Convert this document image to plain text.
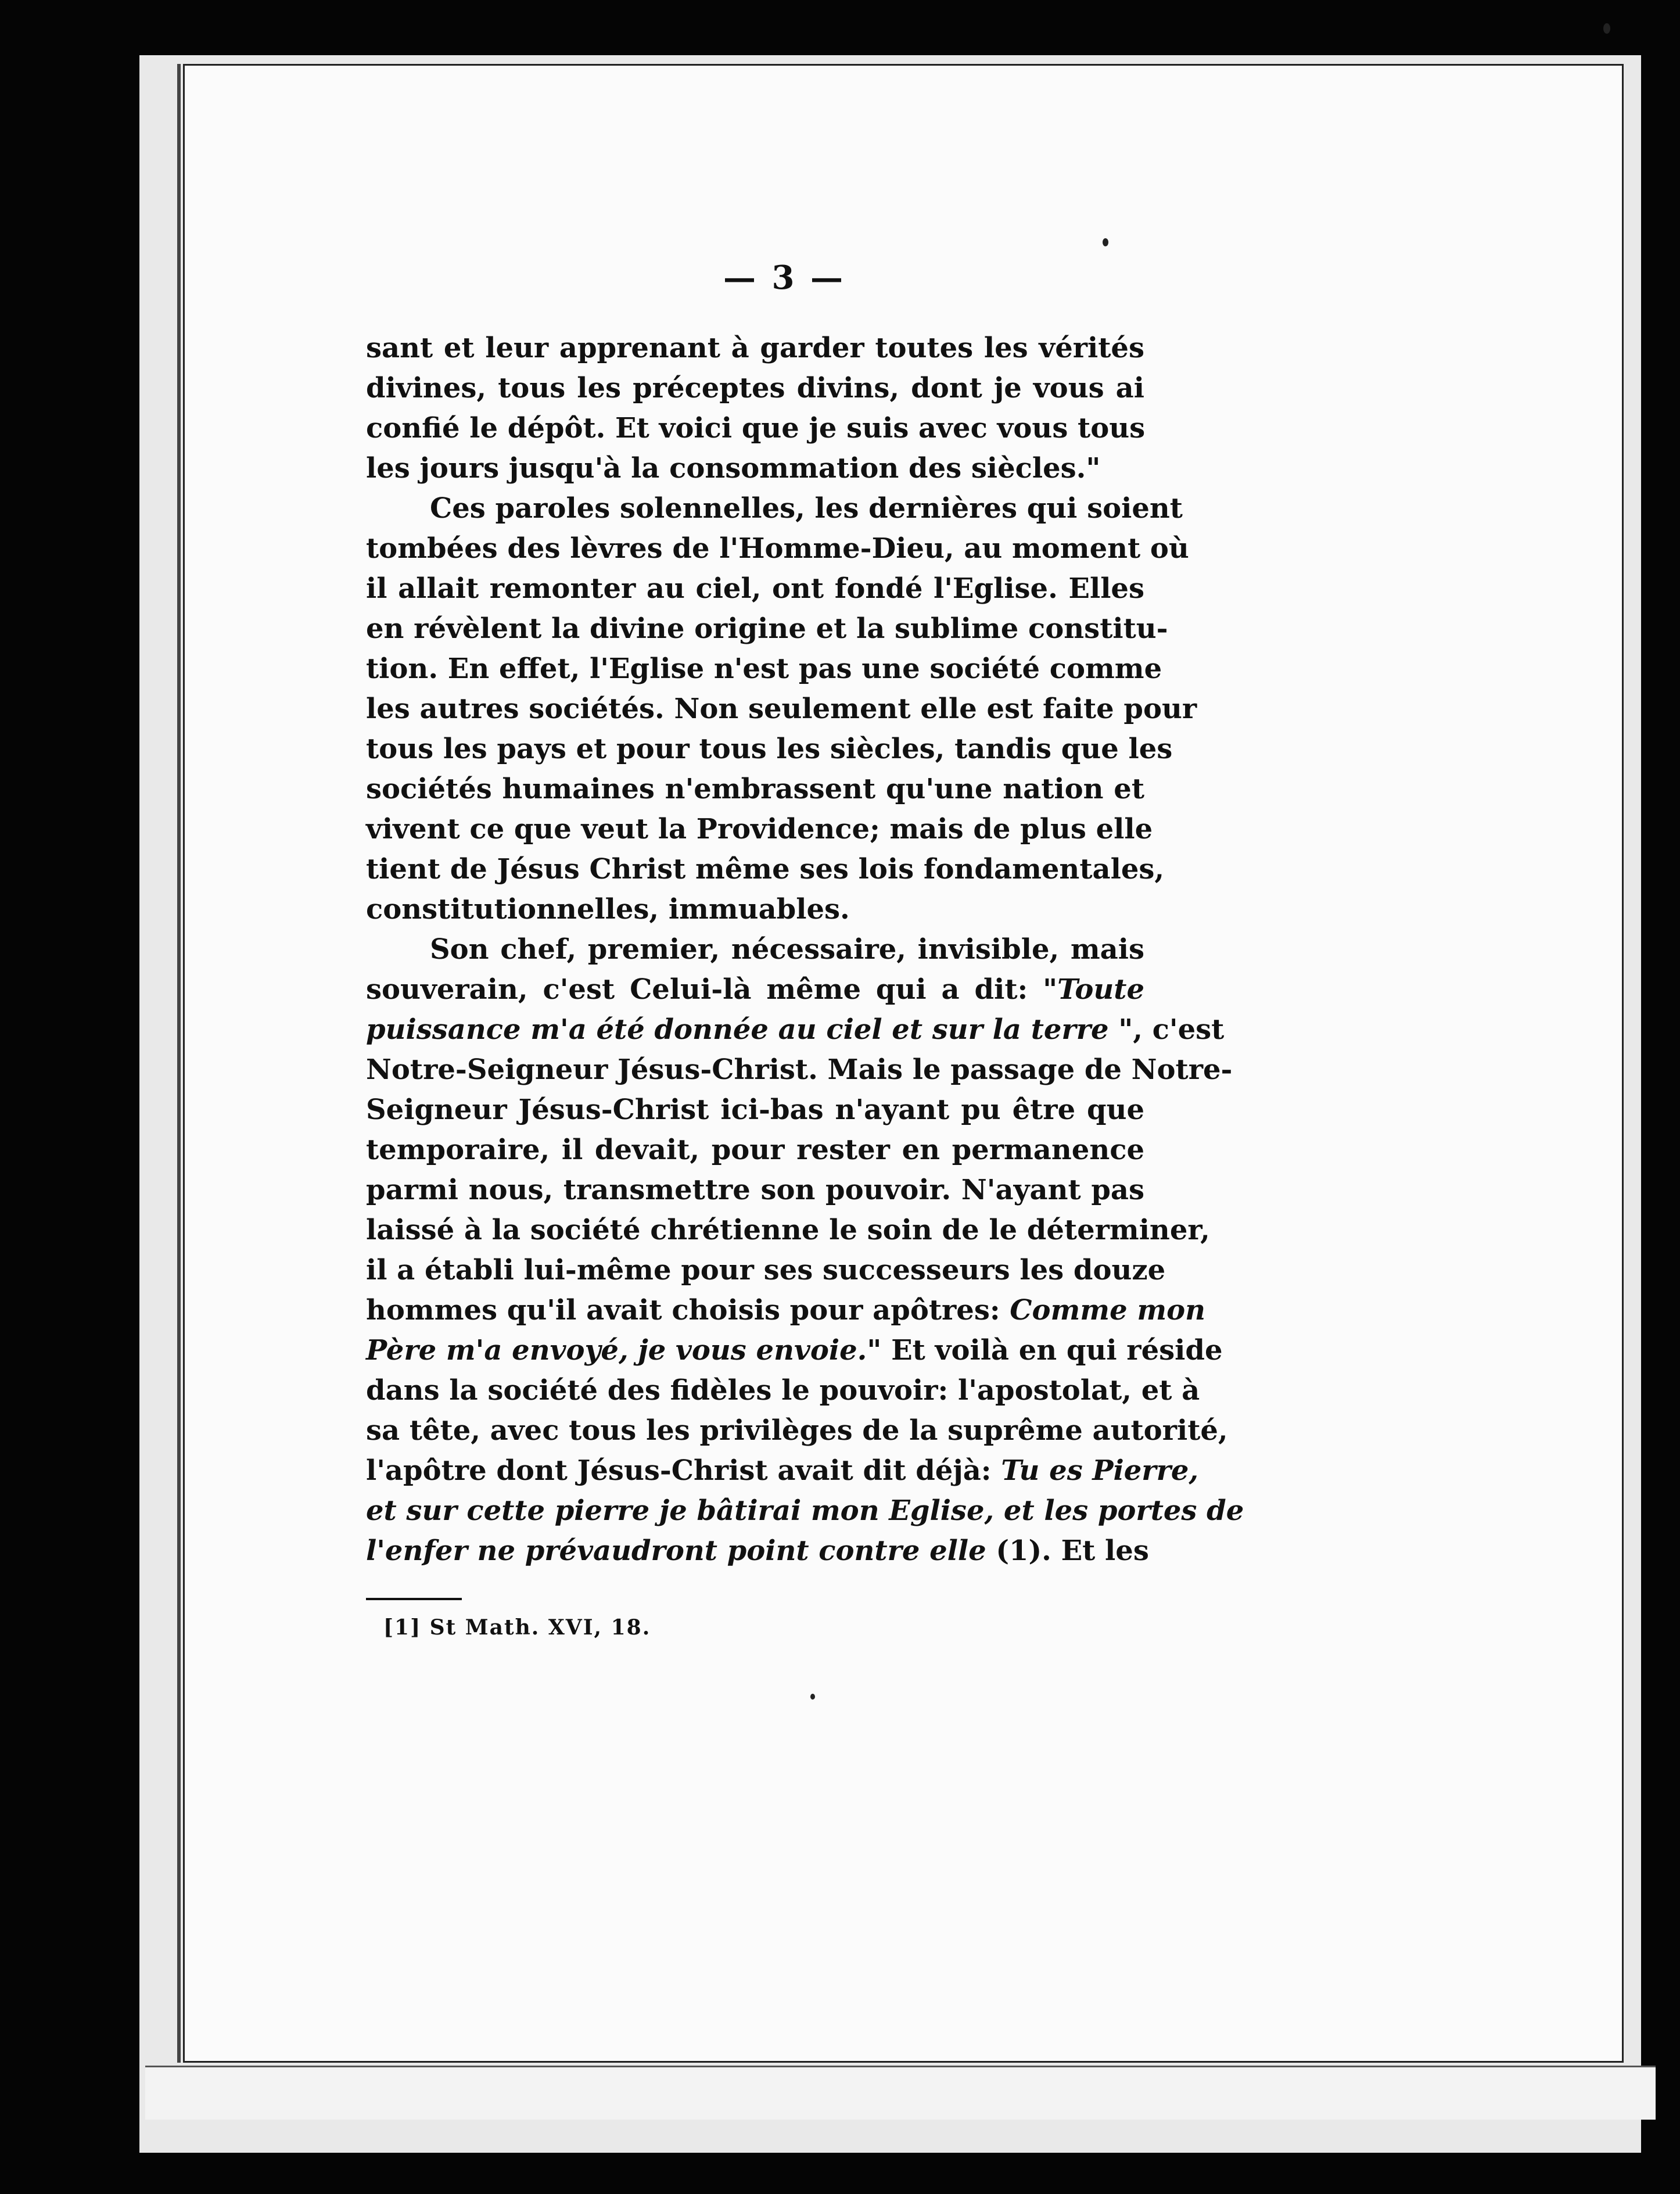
— 3 —
sant et leur apprenant à garder toutes les vérités
divines, tous les préceptes divins, dont je vous ai
confié le dépôt. Et voici que je suis avec vous tous
les jours jusqu'à la consommation des siècles."
Ces paroles solennelles, les dernières qui soient
tombées des lèvres de l'Homme-Dieu, au moment où
il allait remonter au ciel, ont fondé l'Eglise. Elles
en révèlent la divine origine et la sublime constitu-
tion. En effet, l'Eglise n'est pas une société comme
les autres sociétés. Non seulement elle est faite pour
tous les pays et pour tous les siècles, tandis que les
sociétés humaines n'embrassent qu'une nation et
vivent ce que veut la Providence; mais de plus elle
tient de Jésus Christ même ses lois fondamentales,
constitutionnelles, immuables.
Son chef, premier, nécessaire, invisible, mais
souverain, c'est Celui-là même qui a dit: "Toute
puissance m'a été donnée au ciel et sur la terre ", c'est
Notre-Seigneur Jésus-Christ. Mais le passage de Notre-
Seigneur Jésus-Christ ici-bas n'ayant pu être que
temporaire, il devait, pour rester en permanence
parmi nous, transmettre son pouvoir. N'ayant pas
laissé à la société chrétienne le soin de le déterminer,
il a établi lui-même pour ses successeurs les douze
hommes qu'il avait choisis pour apôtres: Comme mon
Père m'a envoyé, je vous envoie." Et voilà en qui réside
dans la société des fidèles le pouvoir: l'apostolat, et à
sa tête, avec tous les privilèges de la suprême autorité,
l'apôtre dont Jésus-Christ avait dit déjà: Tu es Pierre,
et sur cette pierre je bâtirai mon Eglise, et les portes de
l'enfer ne prévaudront point contre elle (1). Et les
[1] St Math. XVI, 18.
